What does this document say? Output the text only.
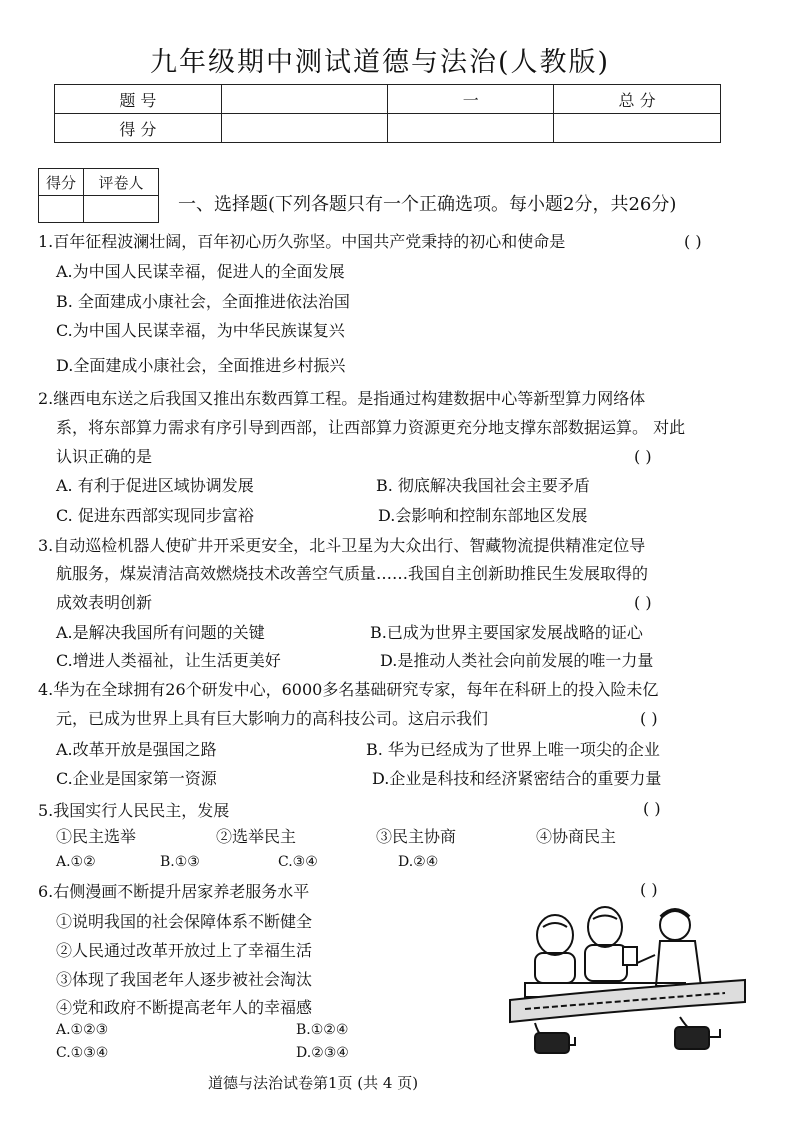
九年级期中测试道德与法治(人教版)
题 号		一	总 分
得 分			
得分	评卷人

一、选择题(下列各题只有一个正确选项。每小题2分，共26分)
1.百年征程波澜壮阔，百年初心历久弥坚。中国共产党秉持的初心和使命是	( )
A.为中国人民谋幸福，促进人的全面发展
B. 全面建成小康社会，全面推进依法治国
C.为中国人民谋幸福，为中华民族谋复兴
D.全面建成小康社会，全面推进乡村振兴
2.继西电东送之后我国又推出东数西算工程。是指通过构建数据中心等新型算力网络体
系，将东部算力需求有序引导到西部，让西部算力资源更充分地支撑东部数据运算。 对此
认识正确的是	( )
A. 有利于促进区域协调发展	B. 彻底解决我国社会主要矛盾
C. 促进东西部实现同步富裕	D.会影响和控制东部地区发展
3.自动巡检机器人使矿井开采更安全，北斗卫星为大众出行、智藏物流提供精准定位导
航服务，煤炭清洁高效燃烧技术改善空气质量……我国自主创新助推民生发展取得的
成效表明创新	( )
A.是解决我国所有问题的关键	B.已成为世界主要国家发展战略的证心
C.增进人类福祉，让生活更美好	D.是推动人类社会向前发展的唯一力量
4.华为在全球拥有26个研发中心，6000多名基础研究专家，每年在科研上的投入险未亿
元，已成为世界上具有巨大影响力的高科技公司。这启示我们	( )
A.改革开放是强国之路	B. 华为已经成为了世界上唯一项尖的企业
C.企业是国家第一资源	D.企业是科技和经济紧密结合的重要力量
5.我国实行人民民主，发展	( )
①民主选举	②选举民主	③民主协商	④协商民主
A.①②	B.①③	C.③④	D.②④
6.右侧漫画不断提升居家养老服务水平	( )
①说明我国的社会保障体系不断健全
②人民通过改革开放过上了幸福生活
③体现了我国老年人逐步被社会淘汰
④党和政府不断提高老年人的幸福感
A.①②③	B.①②④
C.①③④	D.②③④
道德与法治试卷第1页 (共 4 页)
